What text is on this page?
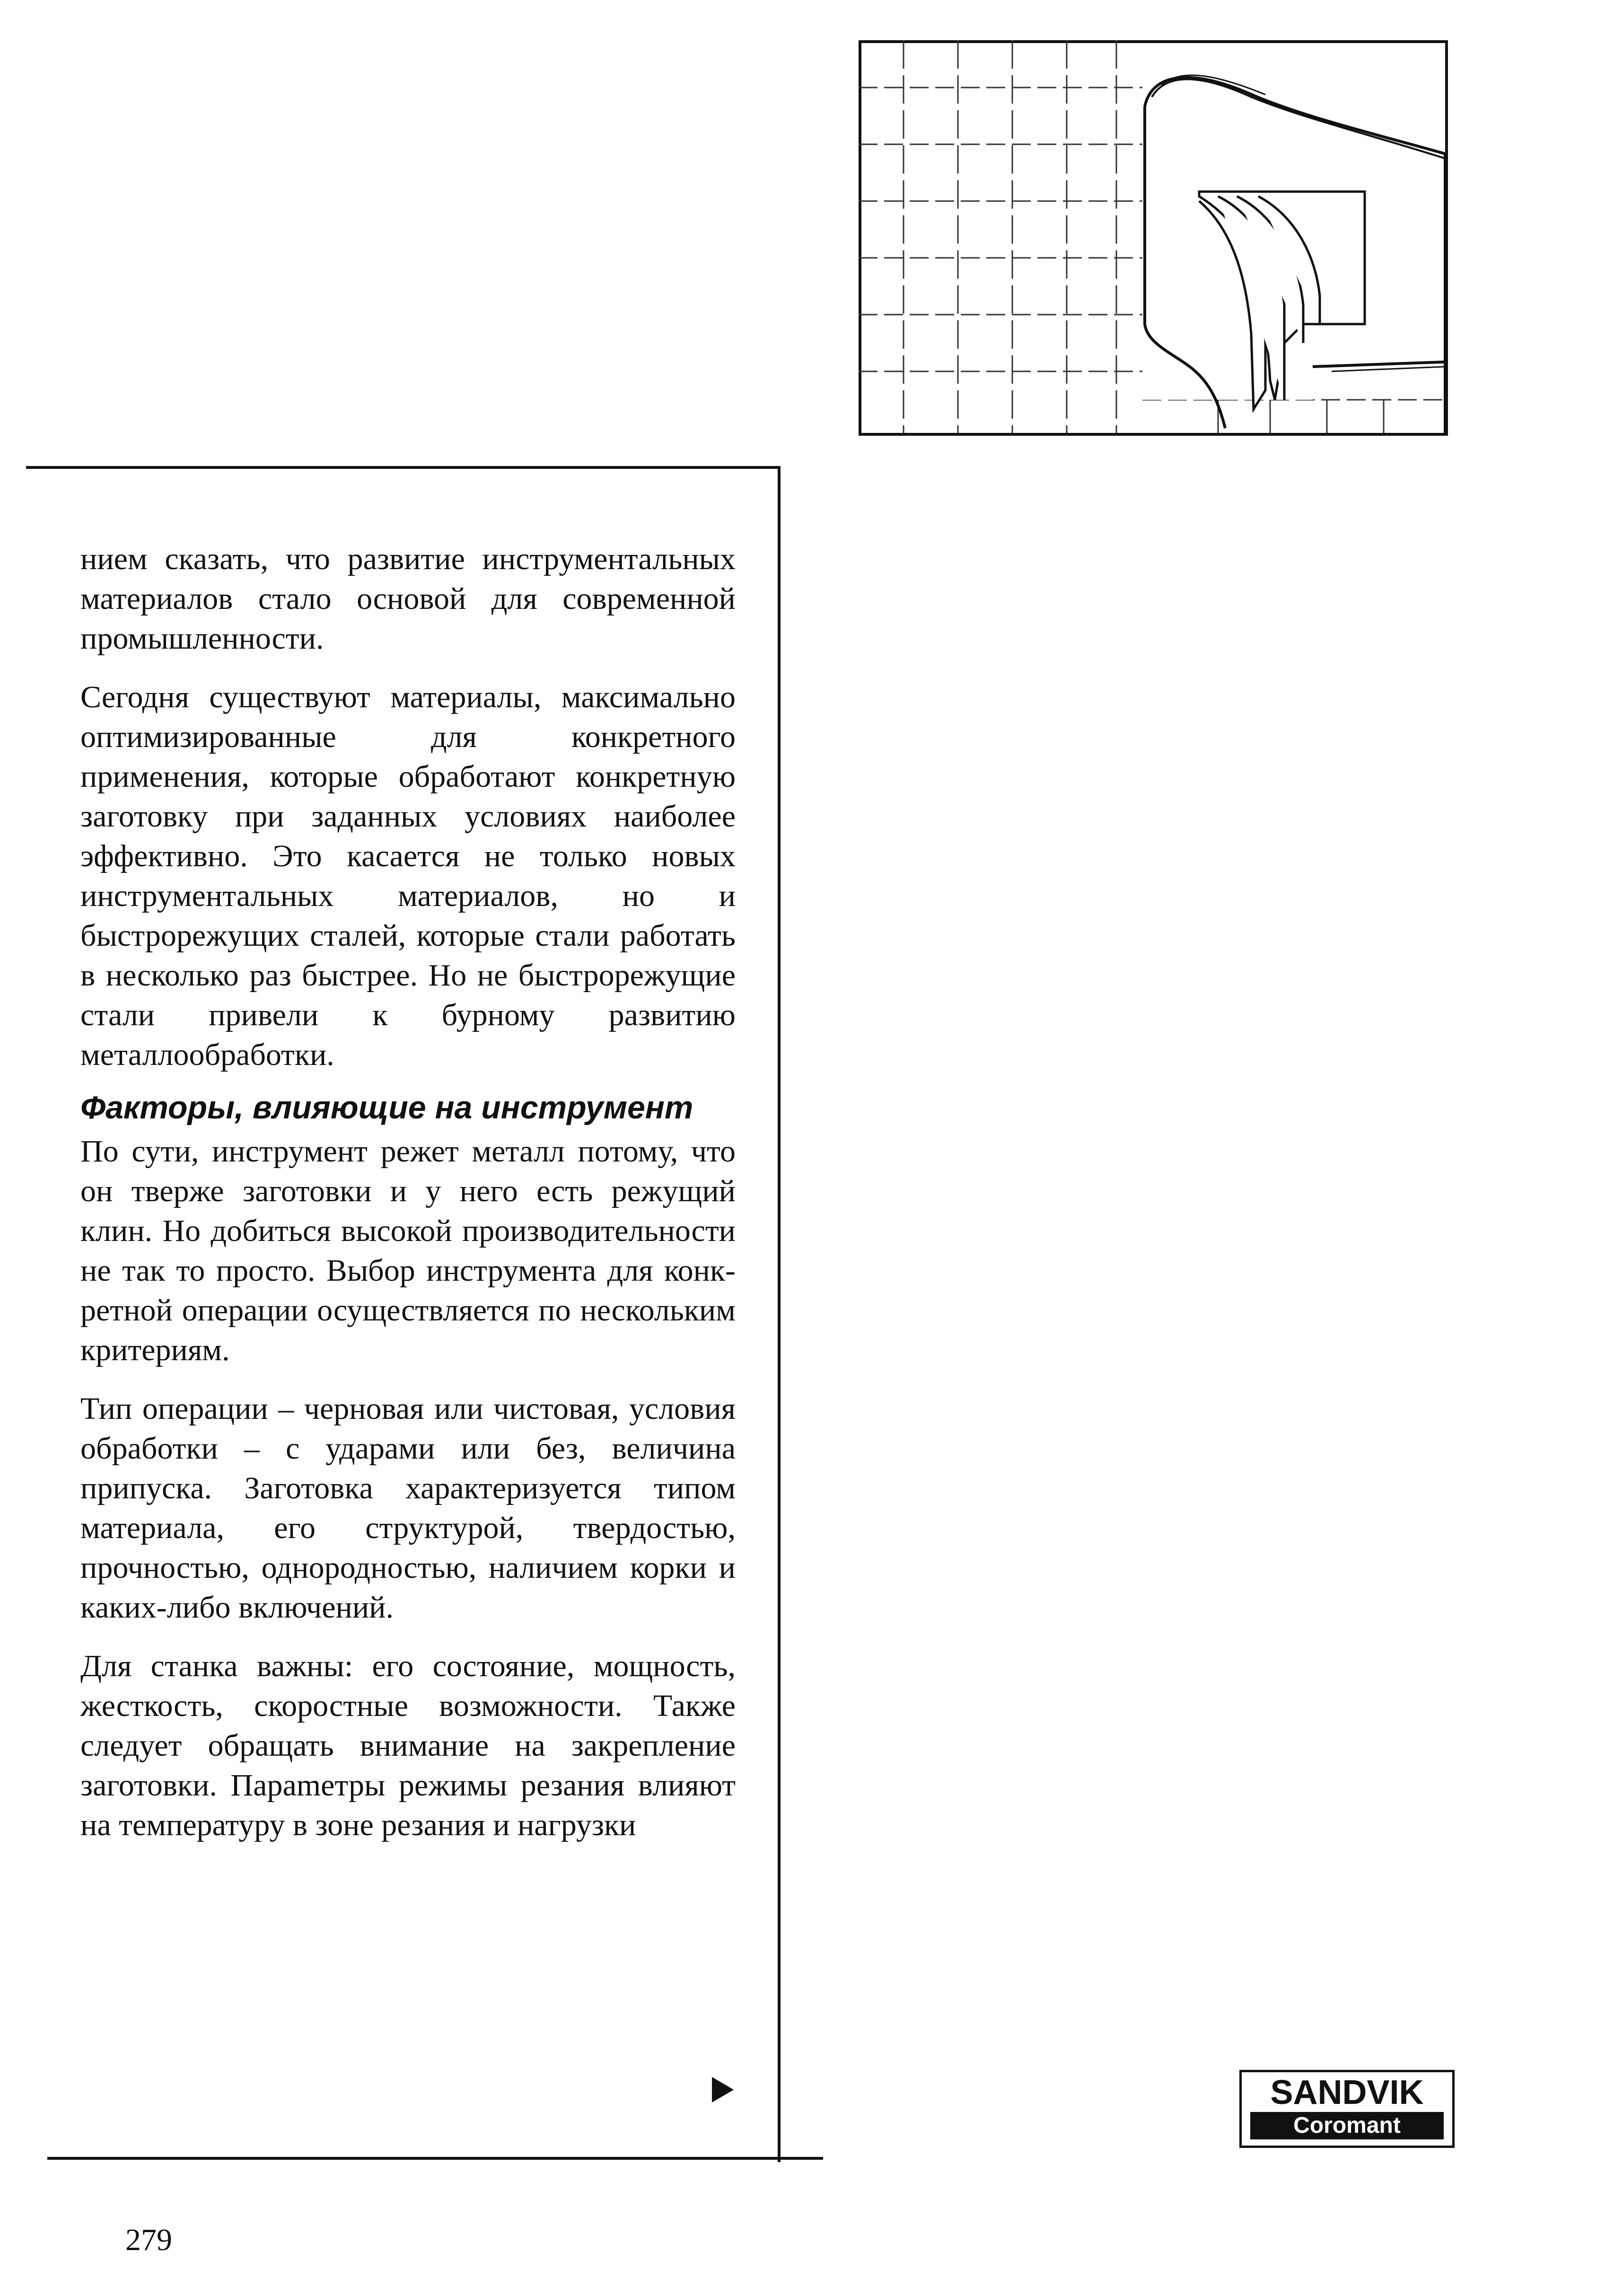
нием сказать, что развитие инструментальных материалов стало основой для современной промышленности.

Сегодня существуют материалы, максимально оптимизированные для конкретного применения, которые обработают конкретную заготовку при заданных условиях наиболее эффективно. Это касается не только новых инструментальных материалов, но и быстрорежущих сталей, которые стали работать в несколько раз быстрее. Но не быстрорежущие стали привели к бурному развитию металлообработки.

Факторы, влияющие на инструмент

По сути, инструмент режет металл потому, что он тверже заготовки и у него есть режущий клин. Но добиться высокой производительности не так то просто. Выбор инструмента для конкретной операции осуществляется по нескольким критериям.

Тип операции – черновая или чистовая, условия обработки – с ударами или без, величина припуска. Заготовка характеризуется типом материала, его структурой, твердостью, прочностью, однородностью, наличием корки и каких-либо включений.

Для станка важны: его состояние, мощность, жесткость, скоростные возможности. Также следует обращать внимание на закрепление заготовки. Параmетры режимы резания влияют на температуру в зоне резания и нагрузки

SANDVIK
Coromant
279
